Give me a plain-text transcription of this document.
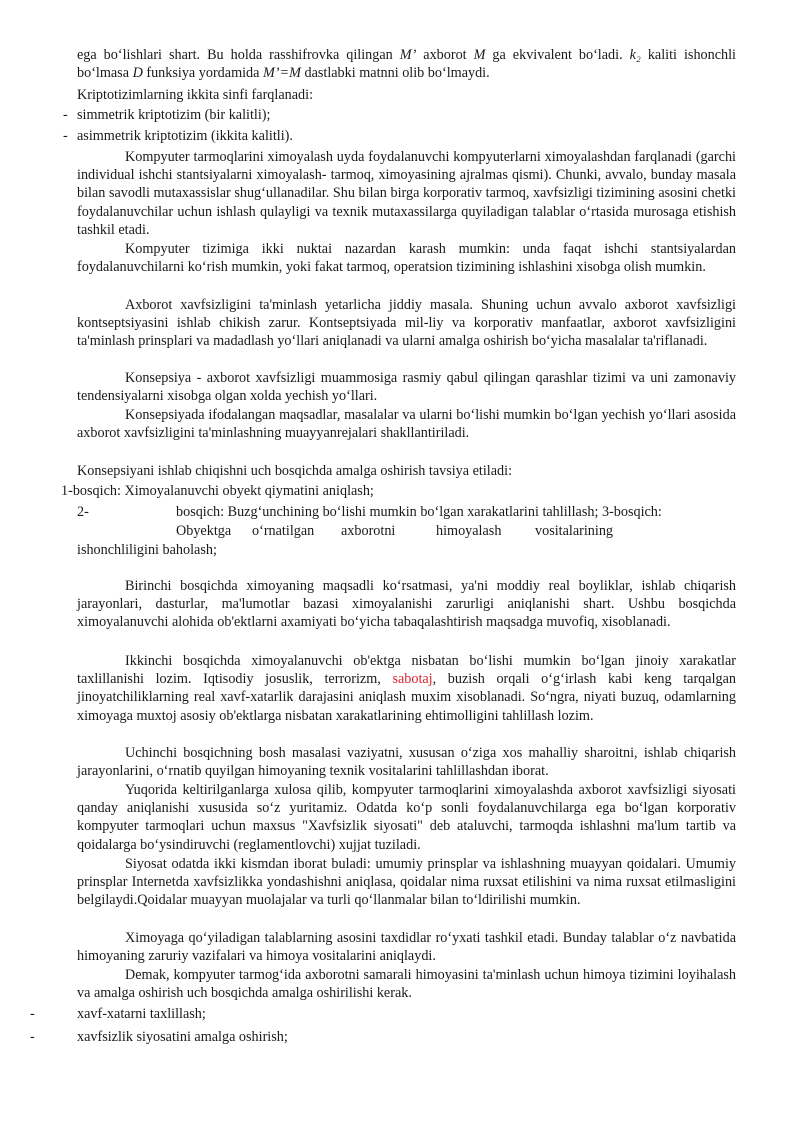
ega bo‘lishlari shart. Bu holda rasshifrovka qilingan M’ axborot M ga ekvivalent bo‘ladi. k₂ kaliti ishonchli bo‘lmasa D funksiya yordamida M’=M dastlabki matnni olib bo‘lmaydi.

Kriptotizimlarning ikkita sinfi farqlanadi:

- simmetrik kriptotizim (bir kalitli);

- asimmetrik kriptotizim (ikkita kalitli).

Kompyuter tarmoqlarini ximoyalash uyda foydalanuvchi kompyuterlarni ximoyalashdan farqlanadi (garchi individual ishchi stantsiyalarni ximoyalash- tarmoq, ximoyasining ajralmas qismi). Chunki, avvalo, bunday masala bilan savodli mutaxassislar shug‘ullanadilar. Shu bilan birga korporativ tarmoq, xavfsizligi tizimining asosini chetki foydalanuvchilar uchun ishlash qulayligi va texnik mutaxassilarga quyiladigan talablar o‘rtasida murosaga etishish tashkil etadi.

Kompyuter tizimiga ikki nuktai nazardan karash mumkin: unda faqat ishchi stantsiyalardan foydalanuvchilarni ko‘rish mumkin, yoki fakat tarmoq, operatsion tizimining ishlashini xisobga olish mumkin.

Axborot xavfsizligini ta'minlash yetarlicha jiddiy masala. Shuning uchun avvalo axborot xavfsizligi kontseptsiyasini ishlab chikish zarur. Kontseptsiyada mil-liy va korporativ manfaatlar, axborot xavfsizligini ta'minlash prinsplari va madadlash yo‘llari aniqlanadi va ularni amalga oshirish bo‘yicha masalalar ta'riflanadi.

Konsepsiya - axborot xavfsizligi muammosiga rasmiy qabul qilingan qarashlar tizimi va uni zamonaviy tendensiyalarni xisobga olgan xolda yechish yo‘llari.

Konsepsiyada ifodalangan maqsadlar, masalalar va ularni bo‘lishi mumkin bo‘lgan yechish yo‘llari asosida axborot xavfsizligini ta'minlashning muayyanrejalari shakllantiriladi.

Konsepsiyani ishlab chiqishni uch bosqichda amalga oshirish tavsiya etiladi:

1-bosqich: Ximoyalanuvchi obyekt qiymatini aniqlash;

2-	bosqich: Buzg‘unchining bo‘lishi mumkin bo‘lgan xarakatlarini tahlillash; 3-bosqich:

Obyektga o‘rnatilgan axborotni	himoyalash vositalarining

ishonchliligini baholash;

Birinchi bosqichda ximoyaning maqsadli ko‘rsatmasi, ya'ni moddiy real boyliklar, ishlab chiqarish jarayonlari, dasturlar, ma'lumotlar bazasi ximoyalanishi zarurligi aniqlanishi shart. Ushbu bosqichda ximoyalanuvchi alohida ob'ektlarni axamiyati bo‘yicha tabaqalashtirish maqsadga muvofiq, xisoblanadi.

Ikkinchi bosqichda ximoyalanuvchi ob'ektga nisbatan bo‘lishi mumkin bo‘lgan jinoiy xarakatlar taxlillanishi lozim. Iqtisodiy josuslik, terrorizm, sabotaj, buzish orqali o‘g‘irlash kabi keng tarqalgan jinoyatchiliklarning real xavf-xatarlik darajasini aniqlash muxim xisoblanadi. So‘ngra, niyati buzuq, odamlarning ximoyaga muxtoj asosiy ob'ektlarga nisbatan xarakatlarining ehtimolligini tahlillash lozim.

Uchinchi bosqichning bosh masalasi vaziyatni, xususan o‘ziga xos mahalliy sharoitni, ishlab chiqarish jarayonlarini, o‘rnatib quyilgan himoyaning texnik vositalarini tahlillashdan iborat.

Yuqorida keltirilganlarga xulosa qilib, kompyuter tarmoqlarini ximoyalashda axborot xavfsizligi siyosati qanday aniqlanishi xususida so‘z yuritamiz. Odatda ko‘p sonli foydalanuvchilarga ega bo‘lgan korporativ kompyuter tarmoqlari uchun maxsus "Xavfsizlik siyosati" deb ataluvchi, tarmoqda ishlashni ma'lum tartib va qoidalarga bo‘ysindiruvchi (reglamentlovchi) xujjat tuziladi.

Siyosat odatda ikki kismdan iborat buladi: umumiy prinsplar va ishlashning muayyan qoidalari. Umumiy prinsplar Internetda xavfsizlikka yondashishni aniqlasa, qoidalar nima ruxsat etilishini va nima ruxsat etilmasligini belgilaydi.Qoidalar muayyan muolajalar va turli qo‘llanmalar bilan to‘ldirilishi mumkin.

Ximoyaga qo‘yiladigan talablarning asosini taxdidlar ro‘yxati tashkil etadi. Bunday talablar o‘z navbatida himoyaning zaruriy vazifalari va himoya vositalarini aniqlaydi.

Demak, kompyuter tarmog‘ida axborotni samarali himoyasini ta'minlash uchun himoya tizimini loyihalash va amalga oshirish uch bosqichda amalga oshirilishi kerak.

-	xavf-xatarni taxlillash;

-	xavfsizlik siyosatini amalga oshirish;
